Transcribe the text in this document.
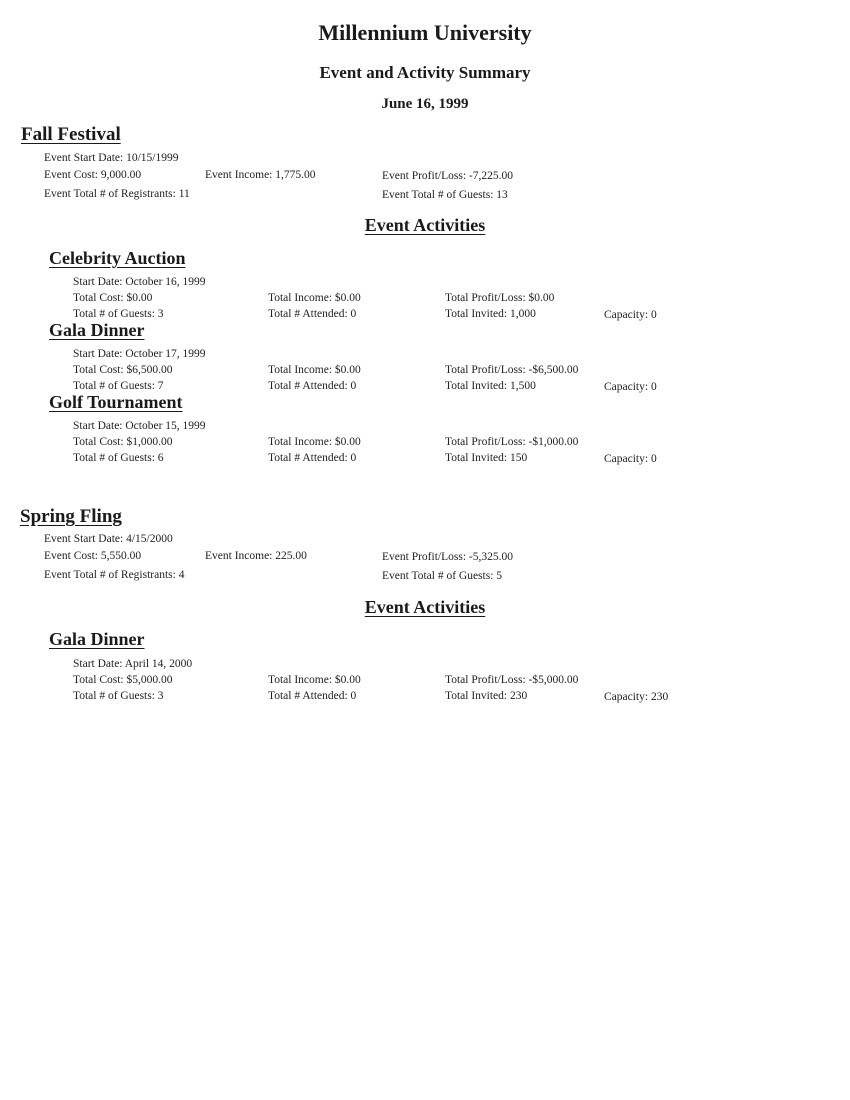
Millennium University
Event and Activity Summary
June 16, 1999
Fall Festival
Event Start Date: 10/15/1999
Event Cost: 9,000.00	Event Income: 1,775.00	Event Profit/Loss: -7,225.00
Event Total # of Registrants: 11	Event Total # of Guests: 13
Event Activities
Celebrity Auction
Start Date: October 16, 1999
Total Cost: $0.00	Total Income: $0.00	Total Profit/Loss: $0.00
Total # of Guests: 3	Total # Attended: 0	Total Invited: 1,000	Capacity: 0
Gala Dinner
Start Date: October 17, 1999
Total Cost: $6,500.00	Total Income: $0.00	Total Profit/Loss: -$6,500.00
Total # of Guests: 7	Total # Attended: 0	Total Invited: 1,500	Capacity: 0
Golf Tournament
Start Date: October 15, 1999
Total Cost: $1,000.00	Total Income: $0.00	Total Profit/Loss: -$1,000.00
Total # of Guests: 6	Total # Attended: 0	Total Invited: 150	Capacity: 0
Spring Fling
Event Start Date: 4/15/2000
Event Cost: 5,550.00	Event Income: 225.00	Event Profit/Loss: -5,325.00
Event Total # of Registrants: 4	Event Total # of Guests: 5
Event Activities
Gala Dinner
Start Date: April 14, 2000
Total Cost: $5,000.00	Total Income: $0.00	Total Profit/Loss: -$5,000.00
Total # of Guests: 3	Total # Attended: 0	Total Invited: 230	Capacity: 230
